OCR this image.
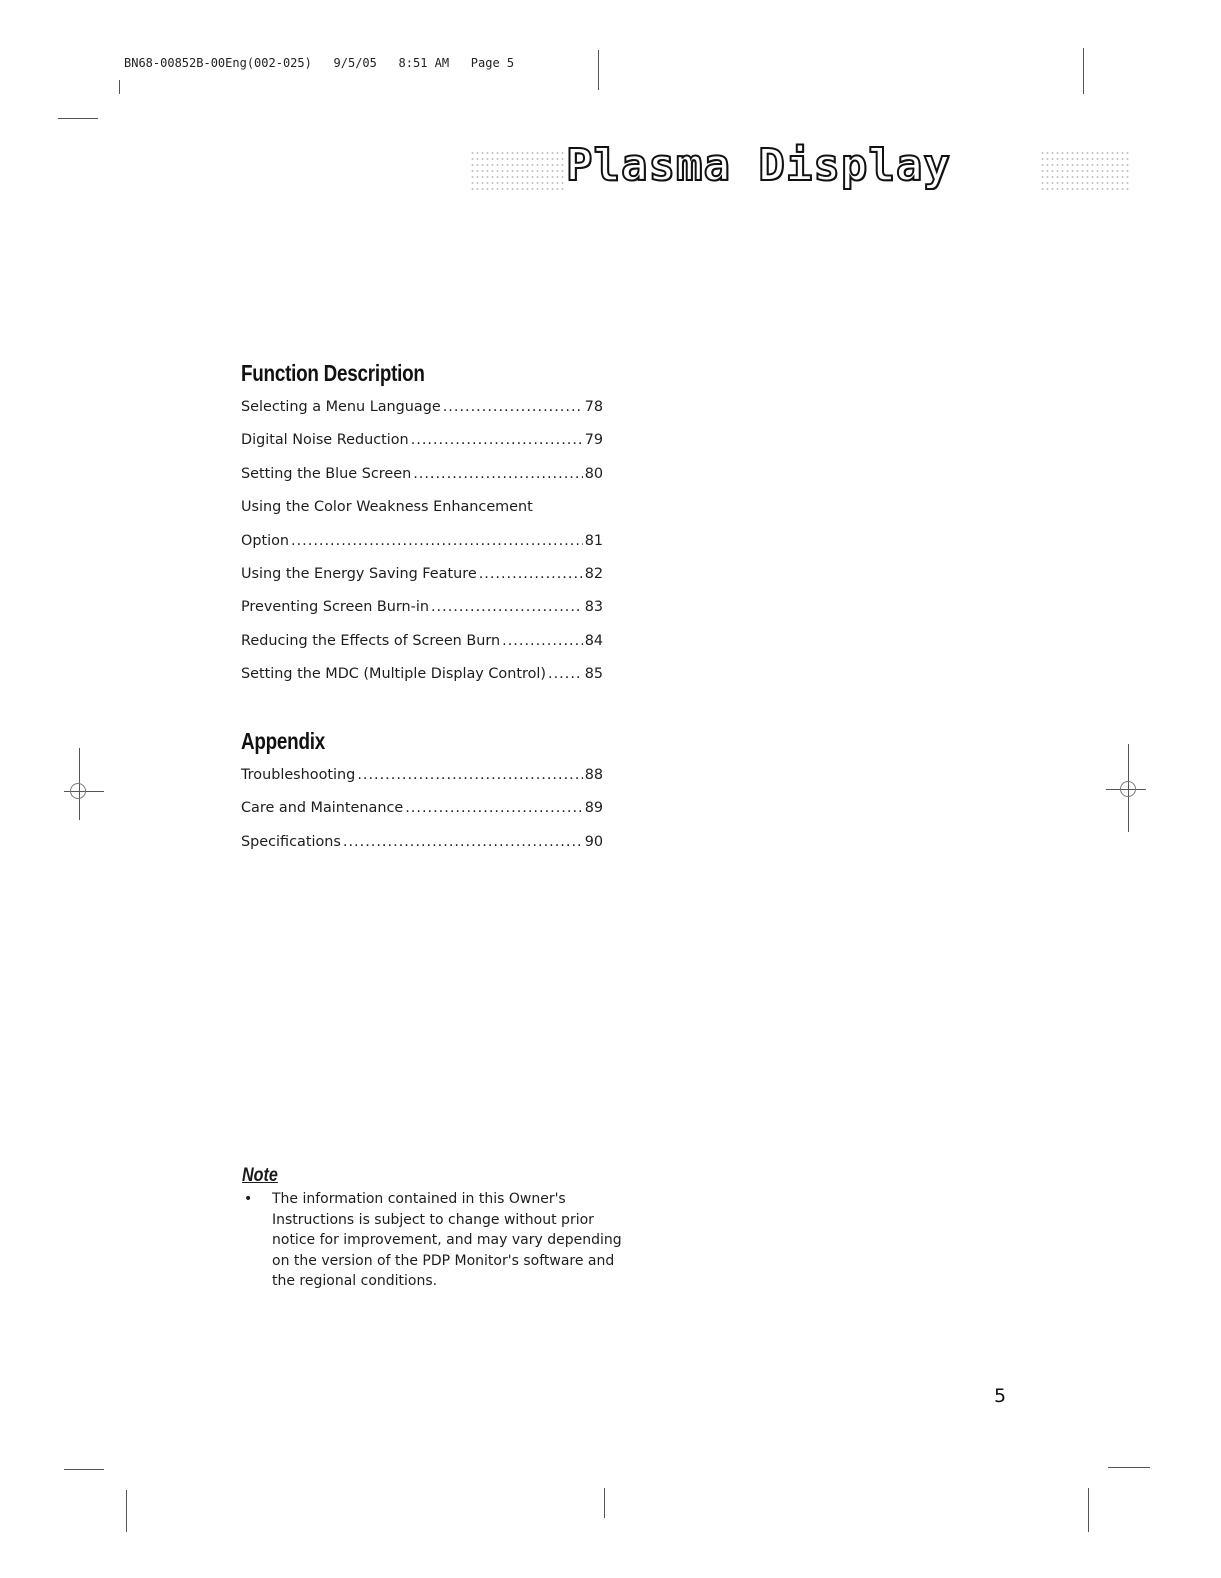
BN68-00852B-00Eng(002-025)   9/5/05   8:51 AM   Page 5
Plasma Display
Function Description
Selecting a Menu Language .....	78
Digital Noise Reduction .....	79
Setting the Blue Screen .....	80
Using the Color Weakness Enhancement
Option .....	81
Using the Energy Saving Feature .....	82
Preventing Screen Burn-in .....	83
Reducing the Effects of Screen Burn .....	84
Setting the MDC (Multiple Display Control) .....	85
Appendix
Troubleshooting .....	88
Care and Maintenance .....	89
Specifications .....	90
Note
•	The information contained in this Owner's Instructions is subject to change without prior notice for improvement, and may vary depending on the version of the PDP Monitor's software and the regional conditions.
5
